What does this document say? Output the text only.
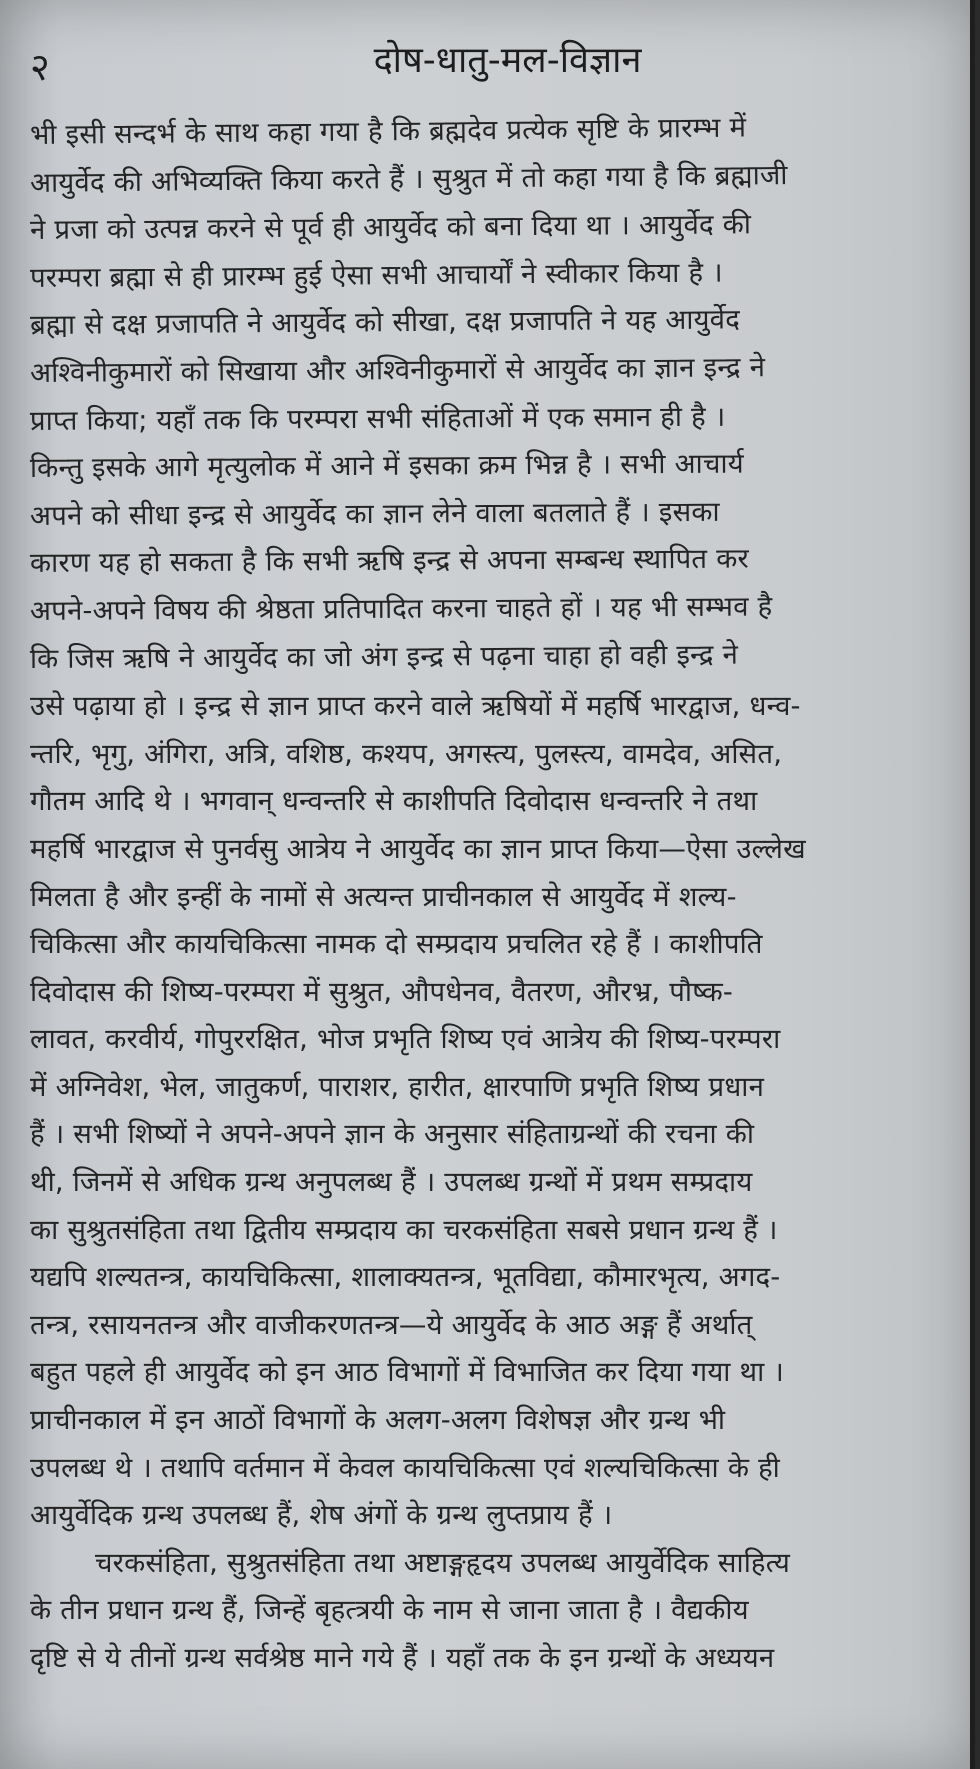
२	दोष-धातु-मल-विज्ञान
भी इसी सन्दर्भ के साथ कहा गया है कि ब्रह्मदेव प्रत्येक सृष्टि के प्रारम्भ में
आयुर्वेद की अभिव्यक्ति किया करते हैं । सुश्रुत में तो कहा गया है कि ब्रह्माजी
ने प्रजा को उत्पन्न करने से पूर्व ही आयुर्वेद को बना दिया था । आयुर्वेद की
परम्परा ब्रह्मा से ही प्रारम्भ हुई ऐसा सभी आचार्यों ने स्वीकार किया है ।
ब्रह्मा से दक्ष प्रजापति ने आयुर्वेद को सीखा, दक्ष प्रजापति ने यह आयुर्वेद
अश्विनीकुमारों को सिखाया और अश्विनीकुमारों से आयुर्वेद का ज्ञान इन्द्र ने
प्राप्त किया; यहाँ तक कि परम्परा सभी संहिताओं में एक समान ही है ।
किन्तु इसके आगे मृत्युलोक में आने में इसका क्रम भिन्न है । सभी आचार्य
अपने को सीधा इन्द्र से आयुर्वेद का ज्ञान लेने वाला बतलाते हैं । इसका
कारण यह हो सकता है कि सभी ऋषि इन्द्र से अपना सम्बन्ध स्थापित कर
अपने-अपने विषय की श्रेष्ठता प्रतिपादित करना चाहते हों । यह भी सम्भव है
कि जिस ऋषि ने आयुर्वेद का जो अंग इन्द्र से पढ़ना चाहा हो वही इन्द्र ने
उसे पढ़ाया हो । इन्द्र से ज्ञान प्राप्त करने वाले ऋषियों में महर्षि भारद्वाज, धन्व-
न्तरि, भृगु, अंगिरा, अत्रि, वशिष्ठ, कश्यप, अगस्त्य, पुलस्त्य, वामदेव, असित,
गौतम आदि थे । भगवान् धन्वन्तरि से काशीपति दिवोदास धन्वन्तरि ने तथा
महर्षि भारद्वाज से पुनर्वसु आत्रेय ने आयुर्वेद का ज्ञान प्राप्त किया—ऐसा उल्लेख
मिलता है और इन्हीं के नामों से अत्यन्त प्राचीनकाल से आयुर्वेद में शल्य-
चिकित्सा और कायचिकित्सा नामक दो सम्प्रदाय प्रचलित रहे हैं । काशीपति
दिवोदास की शिष्य-परम्परा में सुश्रुत, औपधेनव, वैतरण, औरभ्र, पौष्क-
लावत, करवीर्य, गोपुररक्षित, भोज प्रभृति शिष्य एवं आत्रेय की शिष्य-परम्परा
में अग्निवेश, भेल, जातुकर्ण, पाराशर, हारीत, क्षारपाणि प्रभृति शिष्य प्रधान
हैं । सभी शिष्यों ने अपने-अपने ज्ञान के अनुसार संहिताग्रन्थों की रचना की
थी, जिनमें से अधिक ग्रन्थ अनुपलब्ध हैं । उपलब्ध ग्रन्थों में प्रथम सम्प्रदाय
का सुश्रुतसंहिता तथा द्वितीय सम्प्रदाय का चरकसंहिता सबसे प्रधान ग्रन्थ हैं ।
यद्यपि शल्यतन्त्र, कायचिकित्सा, शालाक्यतन्त्र, भूतविद्या, कौमारभृत्य, अगद-
तन्त्र, रसायनतन्त्र और वाजीकरणतन्त्र—ये आयुर्वेद के आठ अङ्ग हैं अर्थात्
बहुत पहले ही आयुर्वेद को इन आठ विभागों में विभाजित कर दिया गया था ।
प्राचीनकाल में इन आठों विभागों के अलग-अलग विशेषज्ञ और ग्रन्थ भी
उपलब्ध थे । तथापि वर्तमान में केवल कायचिकित्सा एवं शल्यचिकित्सा के ही
आयुर्वेदिक ग्रन्थ उपलब्ध हैं, शेष अंगों के ग्रन्थ लुप्तप्राय हैं ।
चरकसंहिता, सुश्रुतसंहिता तथा अष्टाङ्गहृदय उपलब्ध आयुर्वेदिक साहित्य
के तीन प्रधान ग्रन्थ हैं, जिन्हें बृहत्त्रयी के नाम से जाना जाता है । वैद्यकीय
दृष्टि से ये तीनों ग्रन्थ सर्वश्रेष्ठ माने गये हैं । यहाँ तक के इन ग्रन्थों के अध्ययन
